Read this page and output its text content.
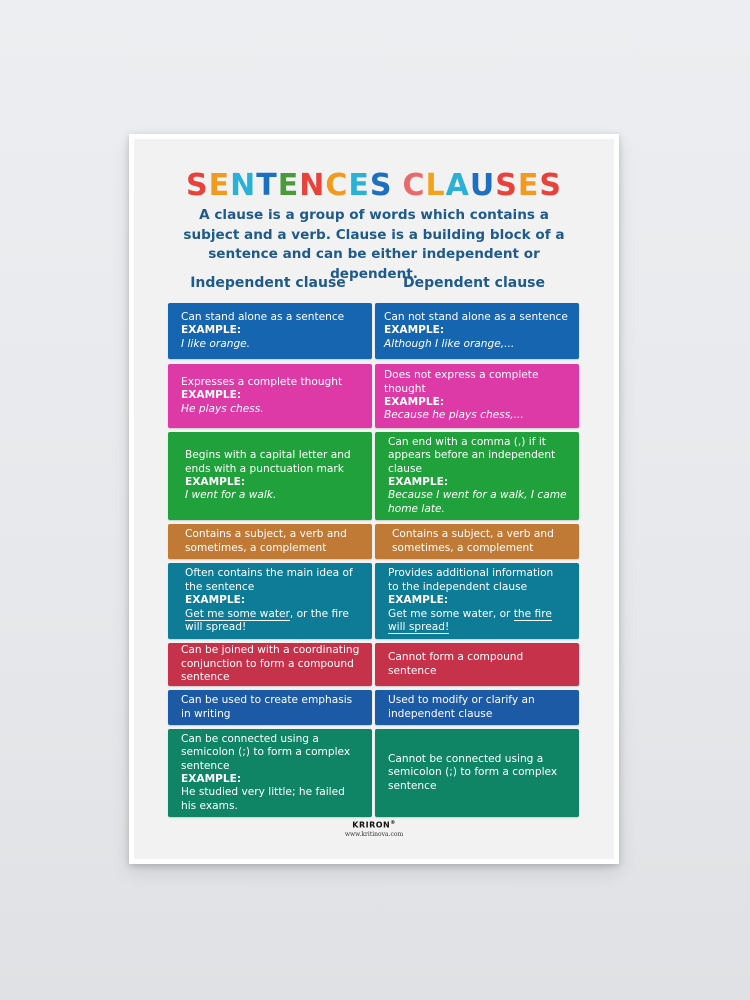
SENTENCES CLAUSES
A clause is a group of words which contains a subject and a verb. Clause is a building block of a sentence and can be either independent or dependent.
Independent clause	Dependent clause
Can stand alone as a sentence
EXAMPLE:
I like orange.
Can not stand alone as a sentence
EXAMPLE:
Although I like orange,...
Expresses a complete thought
EXAMPLE:
He plays chess.
Does not express a complete
thought
EXAMPLE:
Because he plays chess,...
Begins with a capital letter and
ends with a punctuation mark
EXAMPLE:
I went for a walk.
Can end with a comma (,) if it
appears before an independent
clause
EXAMPLE:
Because I went for a walk, I came
home late.
Contains a subject, a verb and
sometimes, a complement
Contains a subject, a verb and
sometimes, a complement
Often contains the main idea of
the sentence
EXAMPLE:
Get me some water, or the fire
will spread!
Provides additional information
to the independent clause
EXAMPLE:
Get me some water, or the fire
will spread!
Can be joined with a coordinating
conjunction to form a compound
sentence
Cannot form a compound
sentence
Can be used to create emphasis
in writing
Used to modify or clarify an
independent clause
Can be connected using a
semicolon (;) to form a complex
sentence
EXAMPLE:
He studied very little; he failed
his exams.
Cannot be connected using a
semicolon (;) to form a complex
sentence
KRIRON®
www.kritinova.com
